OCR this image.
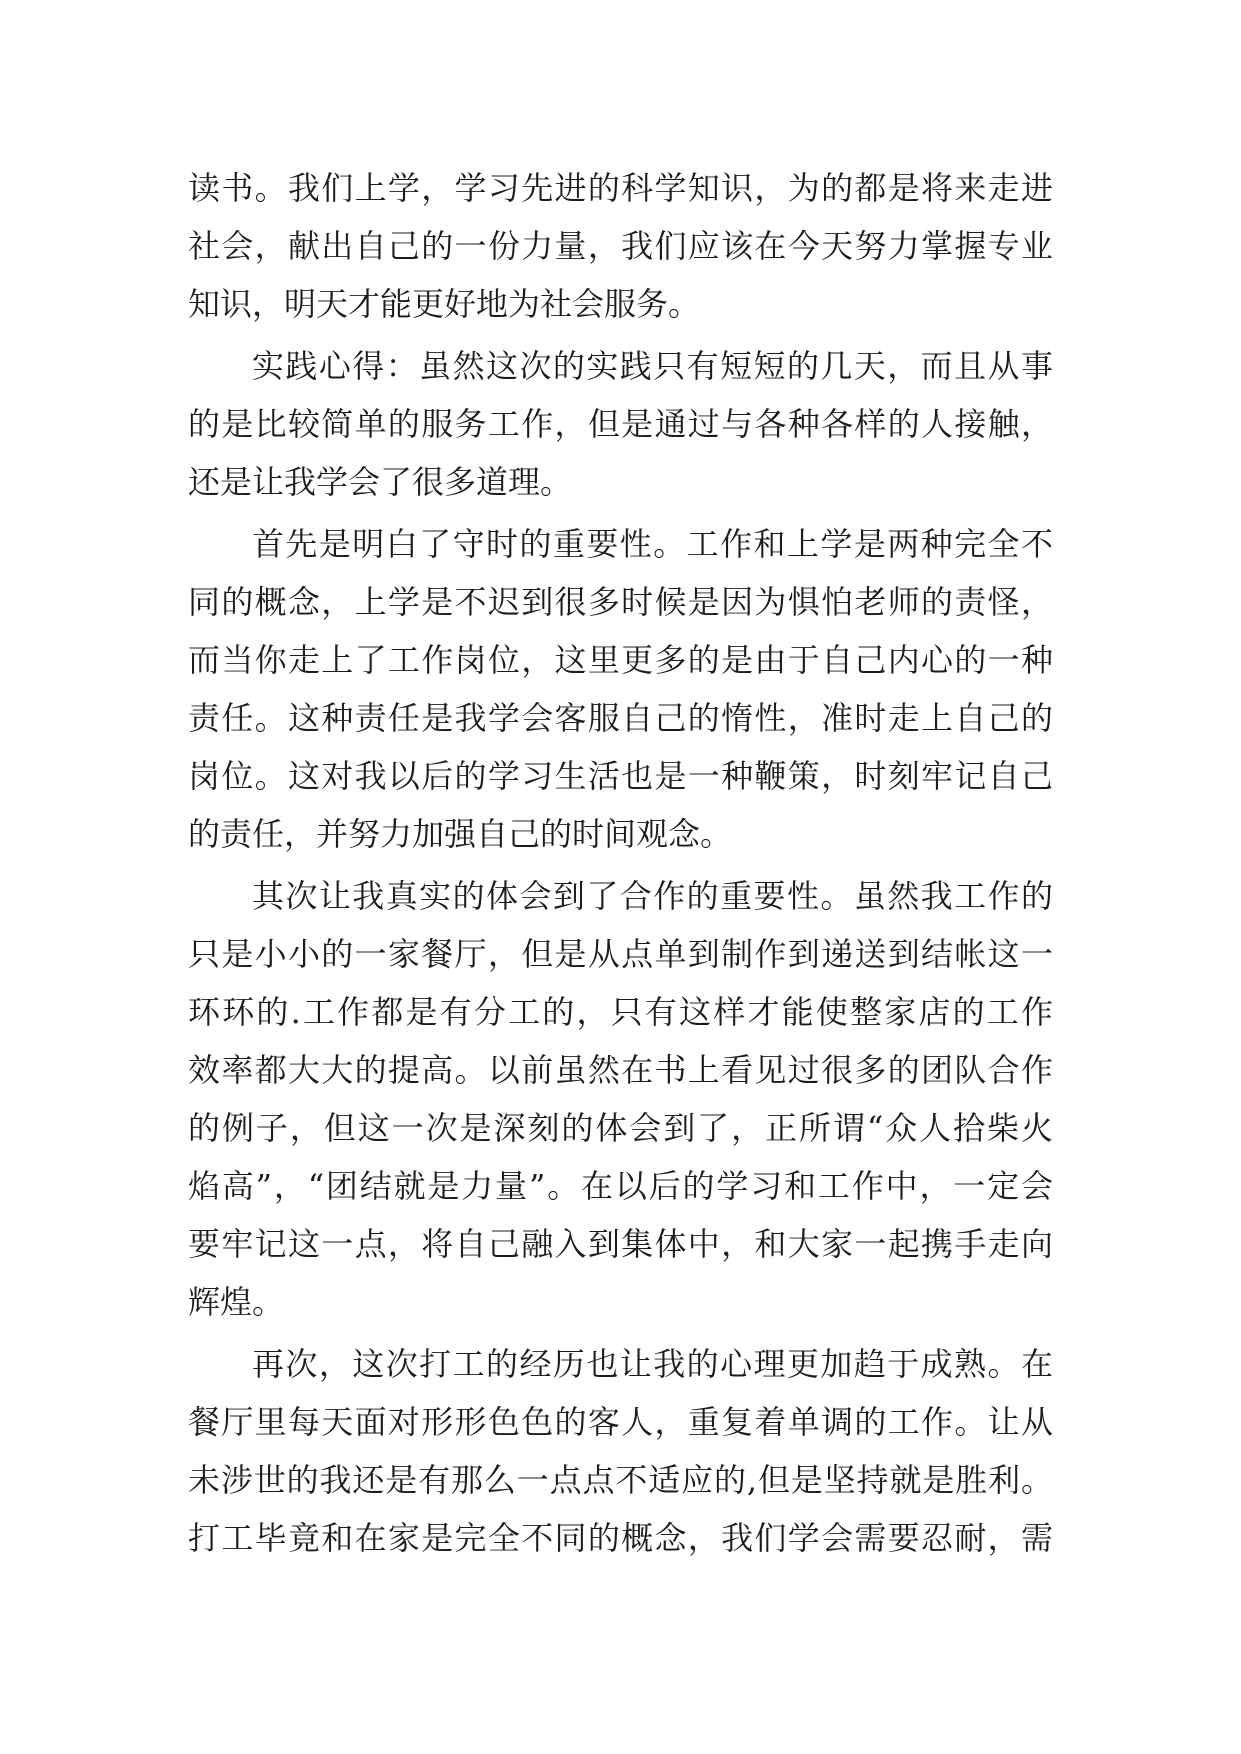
读书。我们上学，学习先进的科学知识，为的都是将来走进
社会，献出自己的一份力量，我们应该在今天努力掌握专业
知识，明天才能更好地为社会服务。
实践心得：虽然这次的实践只有短短的几天，而且从事
的是比较简单的服务工作，但是通过与各种各样的人接触，
还是让我学会了很多道理。
首先是明白了守时的重要性。工作和上学是两种完全不
同的概念，上学是不迟到很多时候是因为惧怕老师的责怪，
而当你走上了工作岗位，这里更多的是由于自己内心的一种
责任。这种责任是我学会客服自己的惰性，准时走上自己的
岗位。这对我以后的学习生活也是一种鞭策，时刻牢记自己
的责任，并努力加强自己的时间观念。
其次让我真实的体会到了合作的重要性。虽然我工作的
只是小小的一家餐厅，但是从点单到制作到递送到结帐这一
环环的.工作都是有分工的，只有这样才能使整家店的工作
效率都大大的提高。以前虽然在书上看见过很多的团队合作
的例子，但这一次是深刻的体会到了，正所谓“众人拾柴火
焰高”，“团结就是力量”。在以后的学习和工作中，一定会
要牢记这一点，将自己融入到集体中，和大家一起携手走向
辉煌。
再次，这次打工的经历也让我的心理更加趋于成熟。在
餐厅里每天面对形形色色的客人，重复着单调的工作。让从
未涉世的我还是有那么一点点不适应的,但是坚持就是胜利。
打工毕竟和在家是完全不同的概念，我们学会需要忍耐，需
